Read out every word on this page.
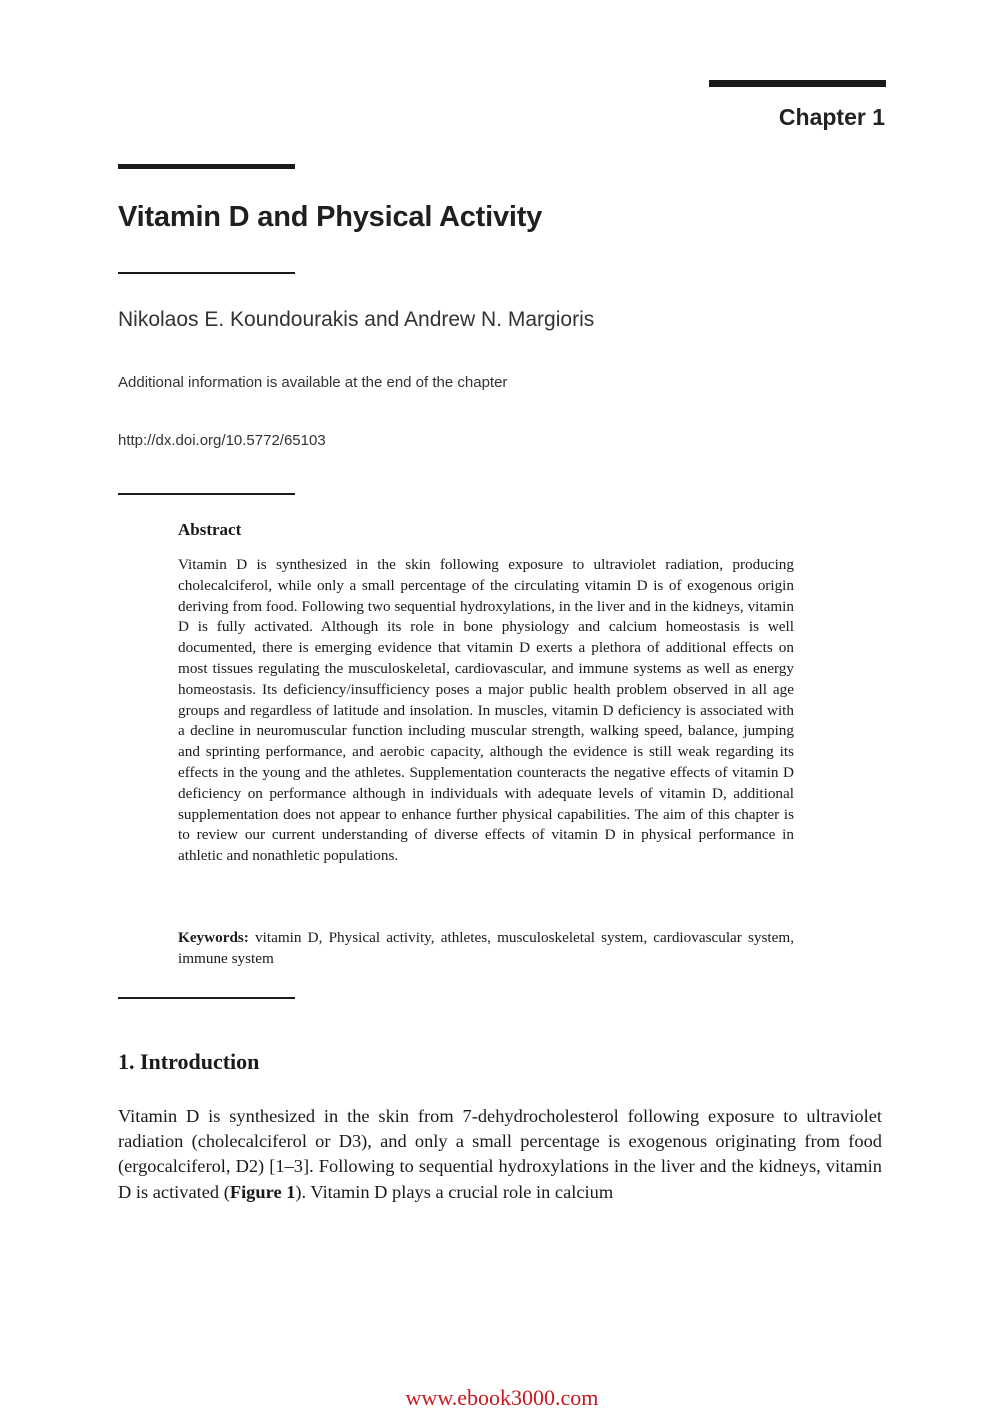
Chapter 1
Vitamin D and Physical Activity
Nikolaos E. Koundourakis and Andrew N. Margioris
Additional information is available at the end of the chapter
http://dx.doi.org/10.5772/65103
Abstract
Vitamin D is synthesized in the skin following exposure to ultraviolet radiation, producing cholecalciferol, while only a small percentage of the circulating vitamin D is of exogenous origin deriving from food. Following two sequential hydroxylations, in the liver and in the kidneys, vitamin D is fully activated. Although its role in bone physiology and calcium homeostasis is well documented, there is emerging evidence that vitamin D exerts a plethora of additional effects on most tissues regulating the musculoskeletal, cardiovascular, and immune systems as well as energy homeostasis. Its deficiency/insufficiency poses a major public health problem observed in all age groups and regardless of latitude and insolation. In muscles, vitamin D deficiency is associated with a decline in neuromuscular function including muscular strength, walking speed, balance, jumping and sprinting performance, and aerobic capacity, although the evidence is still weak regarding its effects in the young and the athletes. Supplementation counteracts the negative effects of vitamin D deficiency on performance although in individuals with adequate levels of vitamin D, additional supplementation does not appear to enhance further physical capabilities. The aim of this chapter is to review our current understanding of diverse effects of vitamin D in physical performance in athletic and nonathletic populations.
Keywords: vitamin D, Physical activity, athletes, musculoskeletal system, cardiovascular system, immune system
1. Introduction
Vitamin D is synthesized in the skin from 7-dehydrocholesterol following exposure to ultraviolet radiation (cholecalciferol or D3), and only a small percentage is exogenous originating from food (ergocalciferol, D2) [1–3]. Following to sequential hydroxylations in the liver and the kidneys, vitamin D is activated (Figure 1). Vitamin D plays a crucial role in calcium
www.ebook3000.com
